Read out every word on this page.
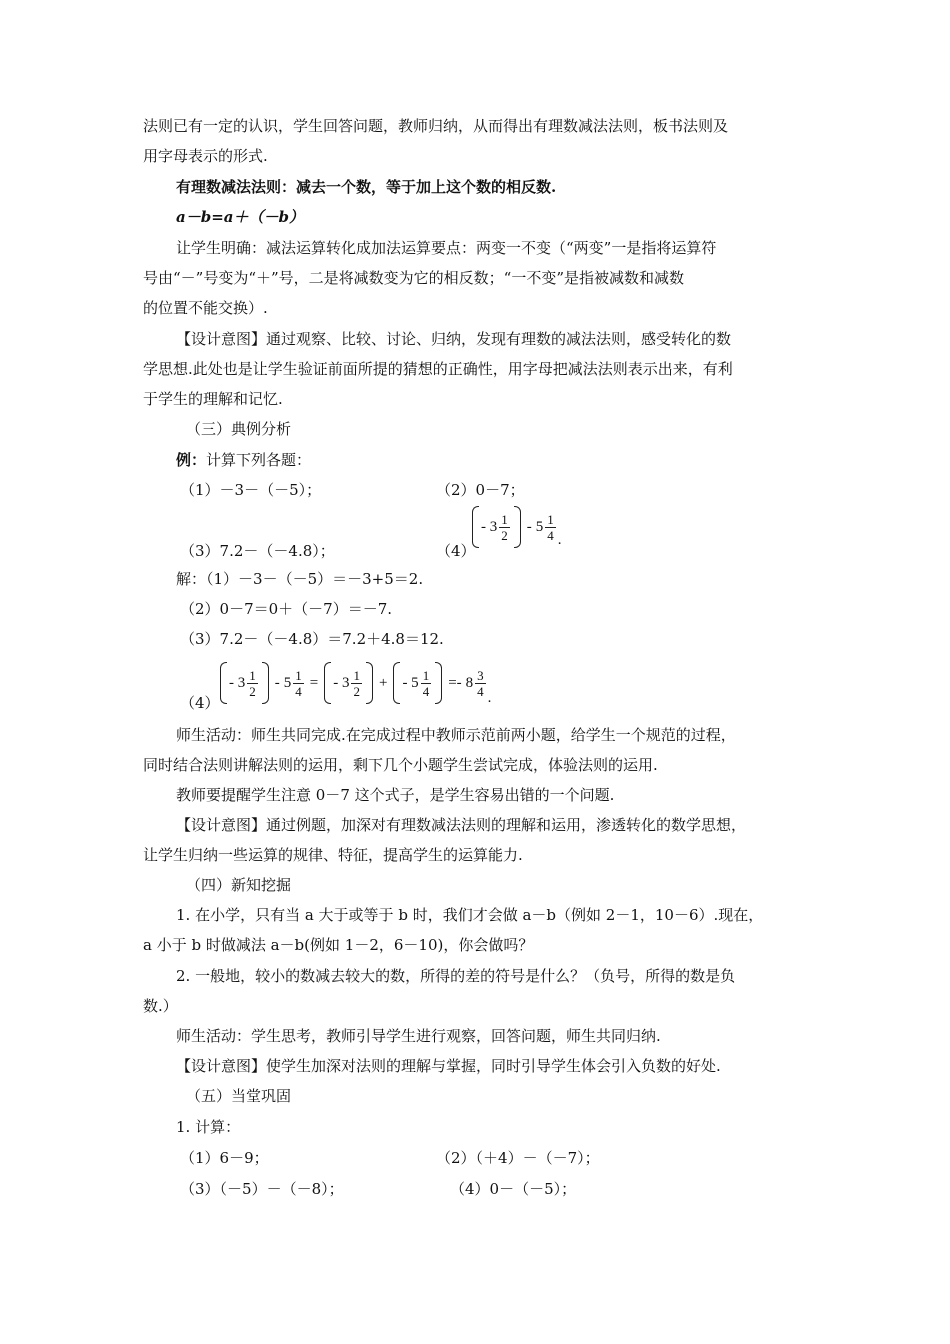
法则已有一定的认识，学生回答问题，教师归纳，从而得出有理数减法法则，板书法则及
用字母表示的形式.
有理数减法法则：减去一个数，等于加上这个数的相反数.
a－b=a＋（－b）
让学生明确：减法运算转化成加法运算要点：两变一不变（“两变”一是指将运算符
号由“－”号变为“＋”号，二是将减数变为它的相反数；“一不变”是指被减数和减数
的位置不能交换）.
【设计意图】通过观察、比较、讨论、归纳，发现有理数的减法法则，感受转化的数
学思想.此处也是让学生验证前面所提的猜想的正确性，用字母把减法法则表示出来，有利
于学生的理解和记忆.
（三）典例分析
例：计算下列各题：
（1）－3－（－5）；	（2）0－7；
（3）7.2－（－4.8）；	（4）
- $3 \frac{1}{2} - 5 \frac{1}{4}$ .
解：（1）－3－（－5）＝－3+5＝2.
（2）0－7＝0＋（－7）＝－7.
（3）7.2－（－4.8）＝7.2＋4.8＝12.
（4）
- $3 \frac{1}{2} - 5 \frac{1}{4}$ = - $3 \frac{1}{2}$ + - $5 \frac{1}{4} =- 8 \frac{3}{4}$ .
师生活动：师生共同完成.在完成过程中教师示范前两小题，给学生一个规范的过程，
同时结合法则讲解法则的运用，剩下几个小题学生尝试完成，体验法则的运用.
教师要提醒学生注意 0－7 这个式子，是学生容易出错的一个问题.
【设计意图】通过例题，加深对有理数减法法则的理解和运用，渗透转化的数学思想，
让学生归纳一些运算的规律、特征，提高学生的运算能力.
（四）新知挖掘
1. 在小学，只有当 a 大于或等于 b 时，我们才会做 a－b（例如 2－1，10－6）.现在，
a 小于 b 时做减法 a－b(例如 1－2，6－10)，你会做吗？
2. 一般地，较小的数减去较大的数，所得的差的符号是什么？（负号，所得的数是负
数.）
师生活动：学生思考，教师引导学生进行观察，回答问题，师生共同归纳.
【设计意图】使学生加深对法则的理解与掌握，同时引导学生体会引入负数的好处.
（五）当堂巩固
1. 计算：
（1）6－9；	（2）（＋4）－（－7）；
（3）（－5）－（－8）；	（4）0－（－5）；
